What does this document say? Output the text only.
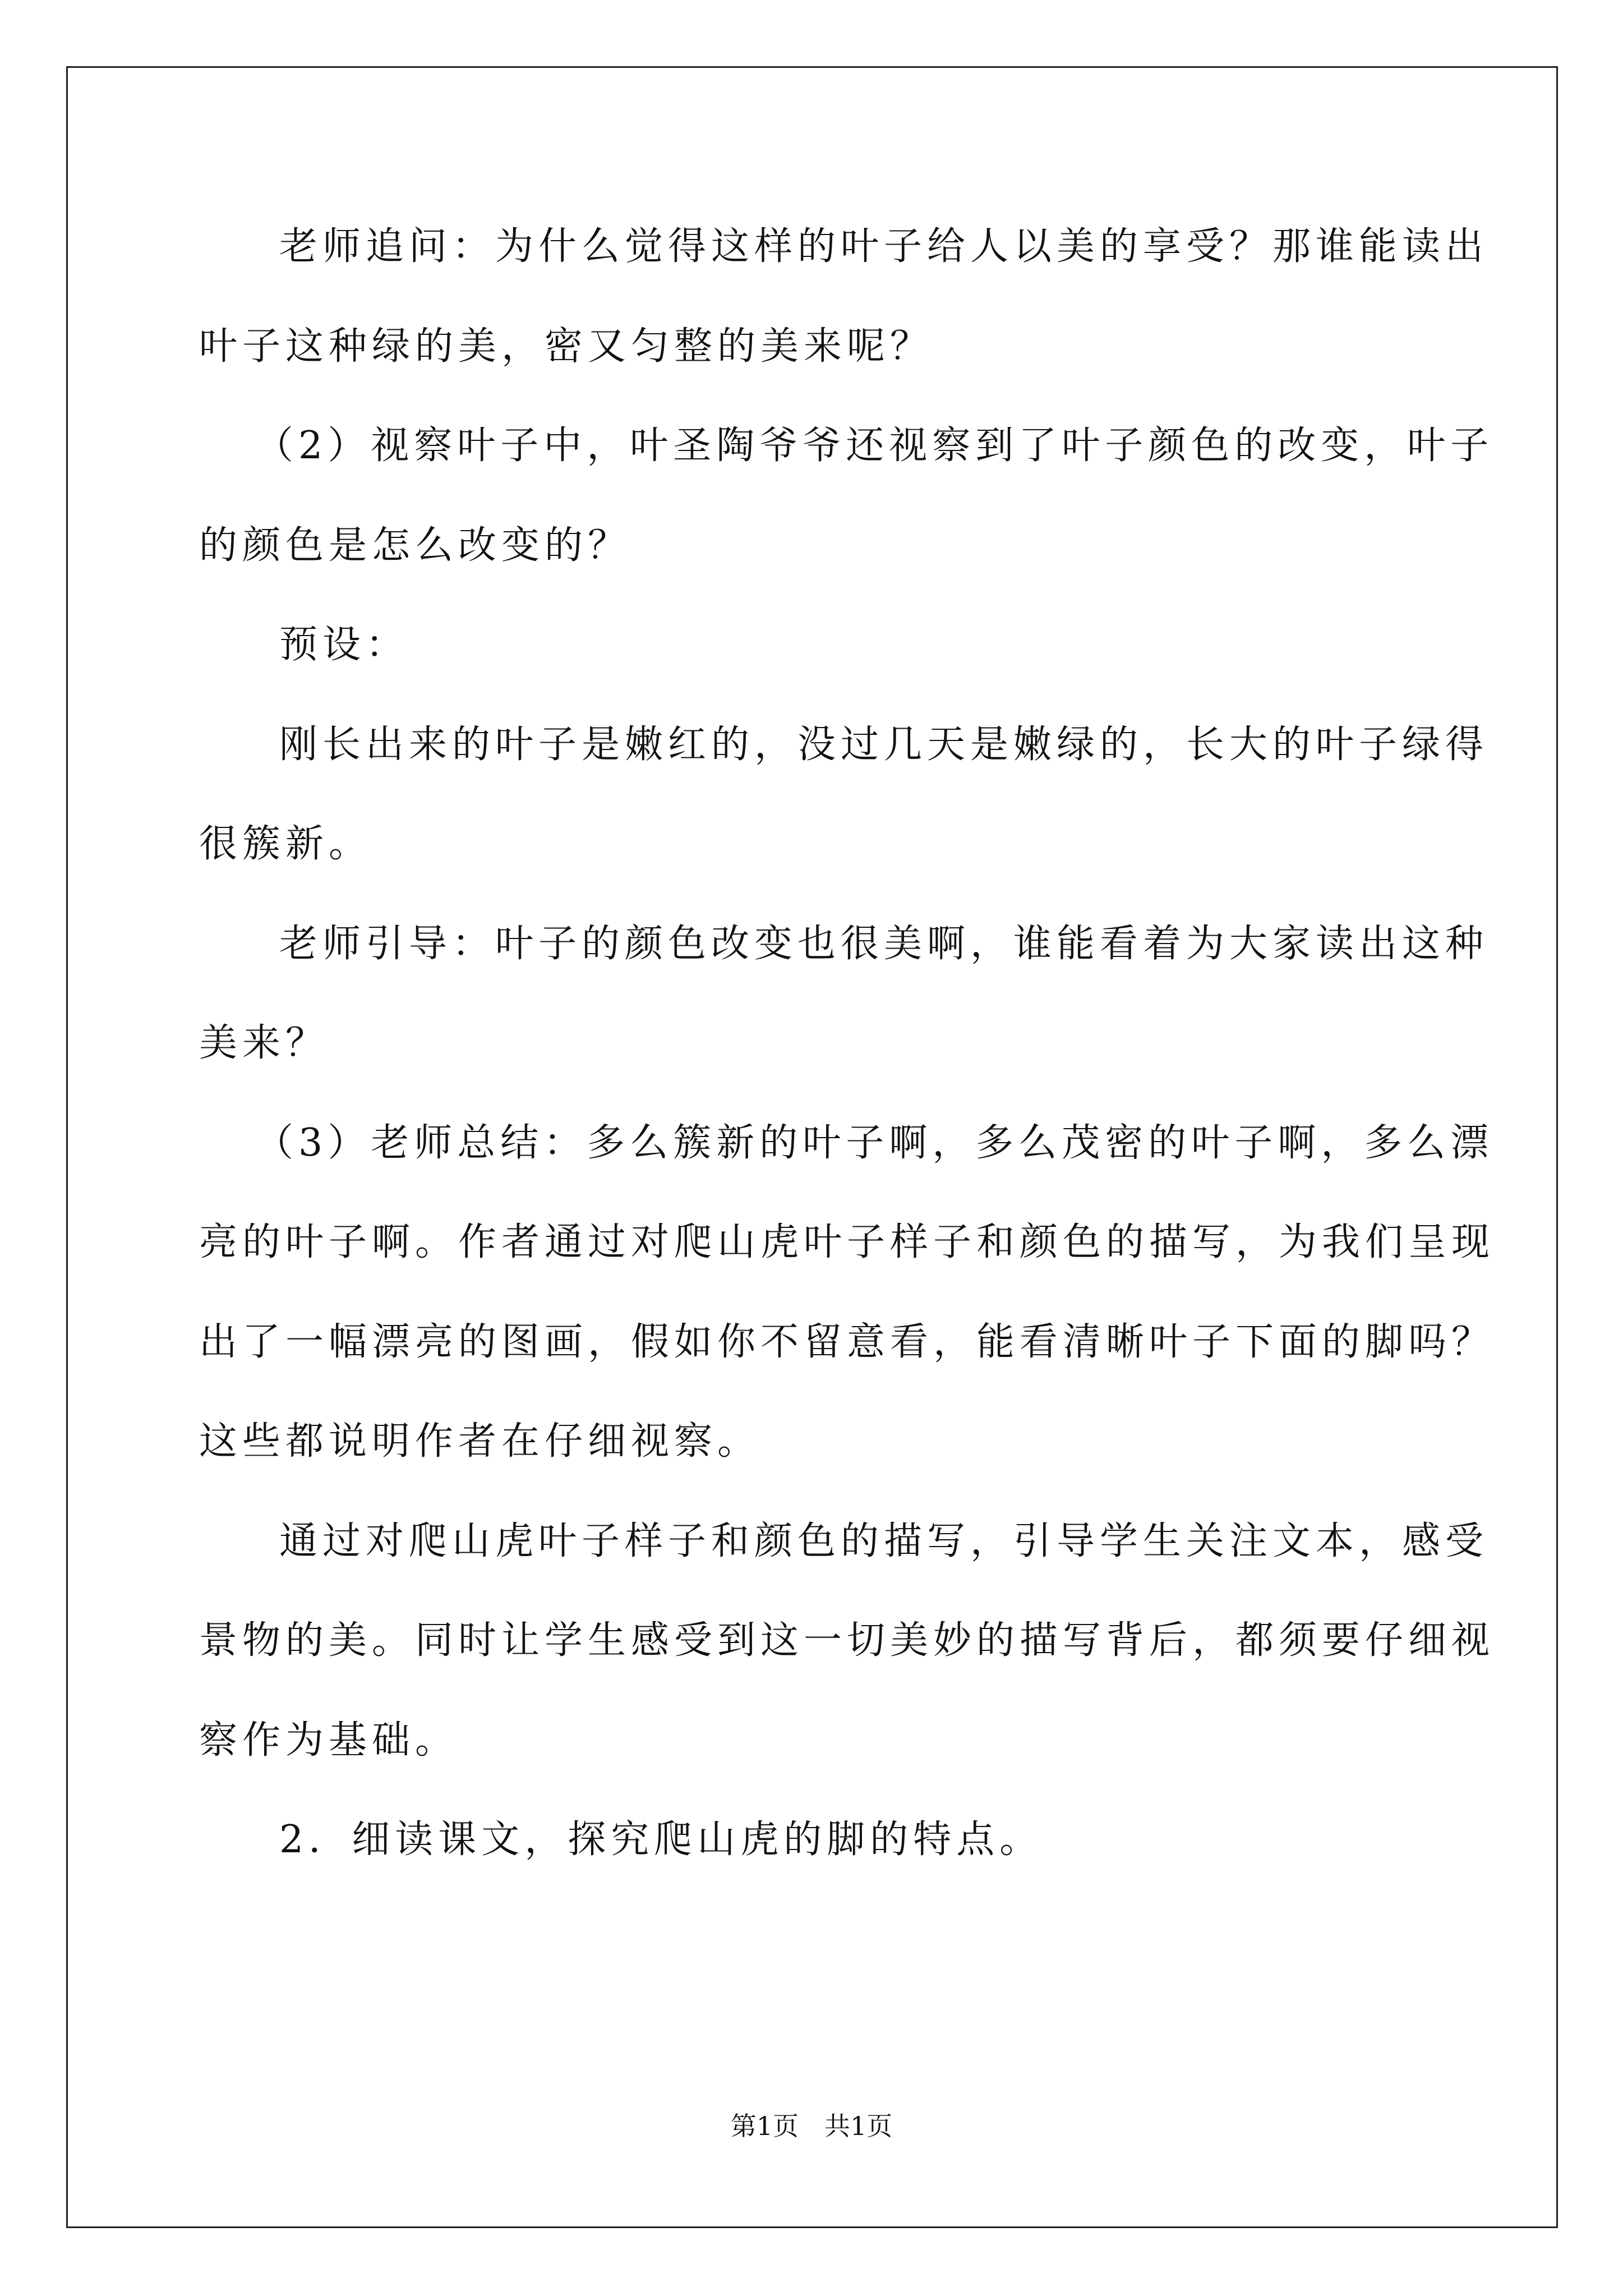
老师追问：为什么觉得这样的叶子给人以美的享受？那谁能读出
叶子这种绿的美，密又匀整的美来呢？
（2）视察叶子中，叶圣陶爷爷还视察到了叶子颜色的改变，叶子
的颜色是怎么改变的？
预设：
刚长出来的叶子是嫩红的，没过几天是嫩绿的，长大的叶子绿得
很簇新。
老师引导：叶子的颜色改变也很美啊，谁能看着为大家读出这种
美来？
（3）老师总结：多么簇新的叶子啊，多么茂密的叶子啊，多么漂
亮的叶子啊。作者通过对爬山虎叶子样子和颜色的描写，为我们呈现
出了一幅漂亮的图画，假如你不留意看，能看清晰叶子下面的脚吗？
这些都说明作者在仔细视察。
通过对爬山虎叶子样子和颜色的描写，引导学生关注文本，感受
景物的美。同时让学生感受到这一切美妙的描写背后，都须要仔细视
察作为基础。
2．细读课文，探究爬山虎的脚的特点。
第1页　共1页
